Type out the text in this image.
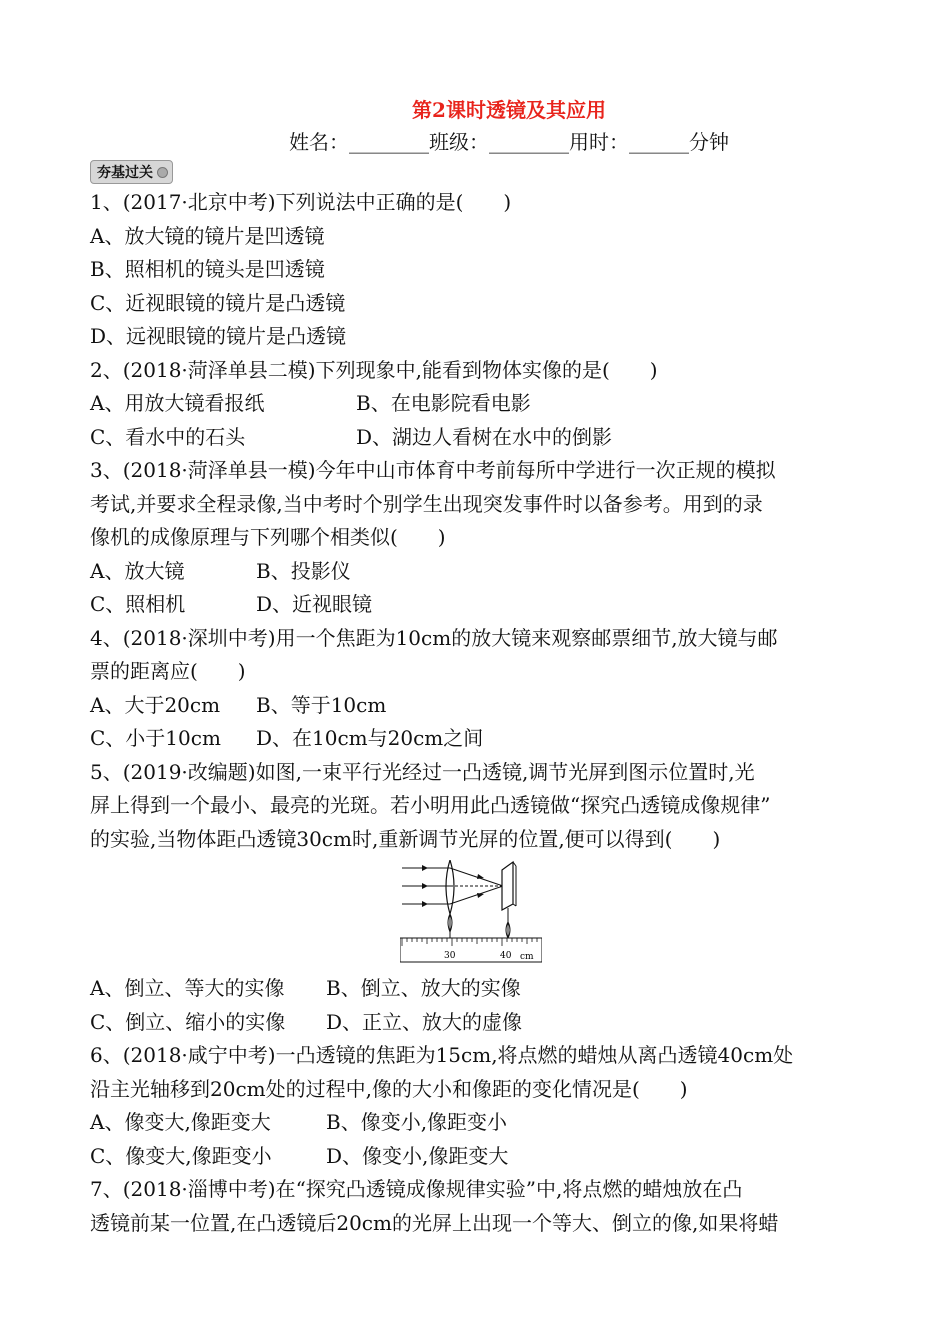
第2课时透镜及其应用
姓名：________班级：________用时：______分钟
夯基过关
1、(2017·北京中考)下列说法中正确的是(　　)
A、放大镜的镜片是凹透镜
B、照相机的镜头是凹透镜
C、近视眼镜的镜片是凸透镜
D、远视眼镜的镜片是凸透镜
2、(2018·菏泽单县二模)下列现象中,能看到物体实像的是(　　)
A、用放大镜看报纸	B、在电影院看电影
C、看水中的石头	D、湖边人看树在水中的倒影
3、(2018·菏泽单县一模)今年中山市体育中考前每所中学进行一次正规的模拟
考试,并要求全程录像,当中考时个别学生出现突发事件时以备参考。用到的录
像机的成像原理与下列哪个相类似(　　)
A、放大镜	B、投影仪
C、照相机	D、近视眼镜
4、(2018·深圳中考)用一个焦距为10cm的放大镜来观察邮票细节,放大镜与邮
票的距离应(　　)
A、大于20cm	B、等于10cm
C、小于10cm	D、在10cm与20cm之间
5、(2019·改编题)如图,一束平行光经过一凸透镜,调节光屏到图示位置时,光
屏上得到一个最小、最亮的光斑。若小明用此凸透镜做“探究凸透镜成像规律”
的实验,当物体距凸透镜30cm时,重新调节光屏的位置,便可以得到(　　)
30	40 cm
A、倒立、等大的实像	B、倒立、放大的实像
C、倒立、缩小的实像	D、正立、放大的虚像
6、(2018·咸宁中考)一凸透镜的焦距为15cm,将点燃的蜡烛从离凸透镜40cm处
沿主光轴移到20cm处的过程中,像的大小和像距的变化情况是(　　)
A、像变大,像距变大	B、像变小,像距变小
C、像变大,像距变小	D、像变小,像距变大
7、(2018·淄博中考)在“探究凸透镜成像规律实验”中,将点燃的蜡烛放在凸
透镜前某一位置,在凸透镜后20cm的光屏上出现一个等大、倒立的像,如果将蜡
